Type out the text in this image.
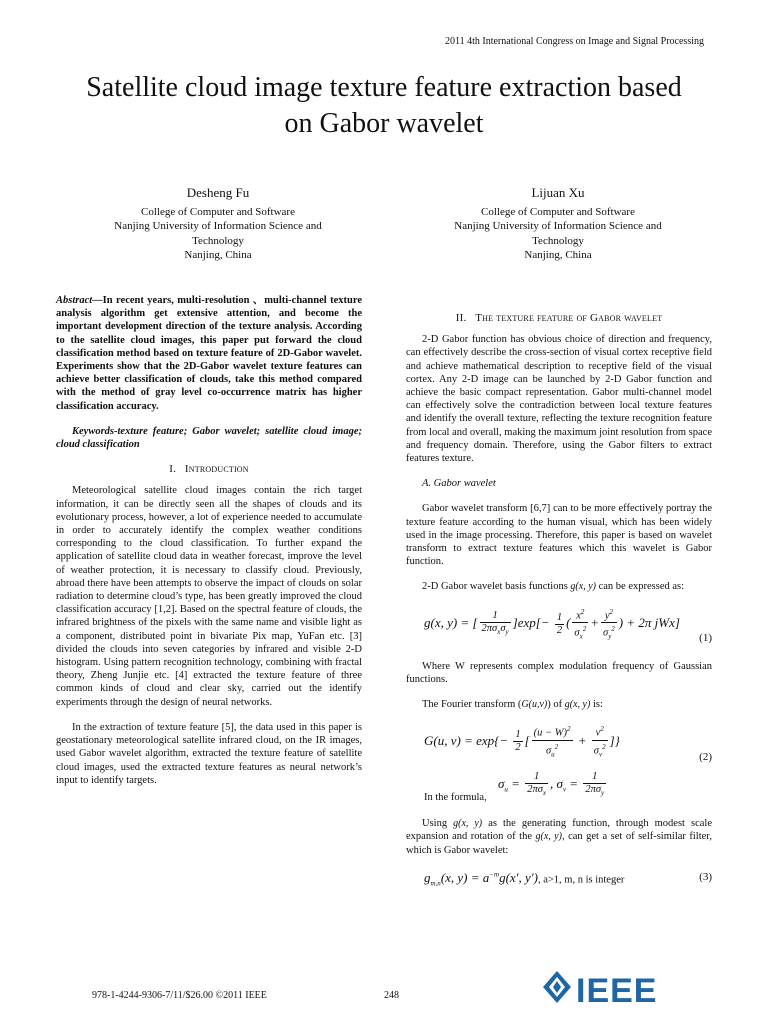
2011 4th International Congress on Image and Signal Processing
Satellite cloud image texture feature extraction based
on Gabor wavelet
Desheng Fu
College of Computer and Software
Nanjing University of Information Science and
Technology
Nanjing, China
Lijuan Xu
College of Computer and Software
Nanjing University of Information Science and
Technology
Nanjing, China

Abstract—In recent years, multi-resolution 、multi-channel texture analysis algorithm get extensive attention, and become the important development direction of the texture analysis. According to the satellite cloud images, this paper put forward the cloud classification method based on texture feature of 2D-Gabor wavelet. Experiments show that the 2D-Gabor wavelet texture features can achieve better classification of clouds, take this method compared with the method of gray level co-occurrence matrix has higher classification accuracy.

Keywords-texture feature; Gabor wavelet; satellite cloud image; cloud classification

I. Introduction

Meteorological satellite cloud images contain the rich target information, it can be directly seen all the shapes of clouds and its evolutionary process, however, a lot of experience needed to accumulate in order to accurately identify the complex weather conditions corresponding to the cloud classification. To further expand the application of satellite cloud data in weather forecast, improve the level of weather protection, it is necessary to classify cloud. Previously, abroad there have been attempts to observe the impact of clouds on solar radiation to determine cloud’s type, has been greatly improved the cloud classification accuracy [1,2]. Based on the spectral feature of clouds, the infrared brightness of the pixels with the same name and visible light as a component, distributed point in bivariate Pix map, YuFan etc. [3] divided the clouds into seven categories by infrared and visible 2-D histogram. Using pattern recognition technology, combining with fractal theory, Zheng Junjie etc. [4] extracted the texture feature of three common kinds of cloud and clear sky, carried out the identify experiments through the design of neural networks.

In the extraction of texture feature [5], the data used in this paper is geostationary meteorological satellite infrared cloud, on the IR images, used Gabor wavelet algorithm, extracted the texture feature of satellite cloud images, used the extracted texture features as neural network’s input to identify targets.

II. The texture feature of Gabor wavelet

2-D Gabor function has obvious choice of direction and frequency, can effectively describe the cross-section of visual cortex receptive field and achieve mathematical description to receptive field of the visual cortex. Any 2-D image can be launched by 2-D Gabor function and achieve the basic compact representation. Gabor multi-channel model can effectively solve the contradiction between local texture features and identify the overall texture, reflecting the texture recognition feature from local and overall, making the maximum joint resolution from space and frequency domain. Therefore, using the Gabor filters to extract features texture.

A. Gabor wavelet

Gabor wavelet transform [6,7] can to be more effectively portray the texture feature according to the human visual, which has been widely used in the image processing. Therefore, this paper is based on wavelet transform to extract texture features which this wavelet is Gabor function.

2-D Gabor wavelet basis functions g(x, y) can be expressed as:

g(x, y) = [ $\frac{1}{2\pi\sigma_x\sigma_y} ]\exp[- \frac{1}{2}$ ( $\frac{x^2}{\sigma_x^2} + \frac{y^2}{\sigma_y^2}$ ) + 2π jWx]
(1)

Where W represents complex modulation frequency of Gaussian functions.

The Fourier transform (G(u,v)) of g(x, y) is:

G(u, $v) = \exp\{- \frac{1}{2}$ [ $\frac{(u - W)^2}{\sigma_u^2} + \frac{v^2}{\sigma_v^2}$ ]}
(2)
$\sigma_u = \frac{1}{2\pi\sigma_x}$ , $\sigma_v = \frac{1}{2\pi\sigma_y}$
In the formula,

Using g(x, y) as the generating function, through modest scale expansion and rotation of the g(x, y), can get a set of self-similar filter, which is Gabor wavelet:

$g_{m,n}(x$, $y) = a^{-m}g(x'$, y′), a>1, m, n is integer	(3)
978-1-4244-9306-7/11/$26.00 ©2011 IEEE	248	IEEE
